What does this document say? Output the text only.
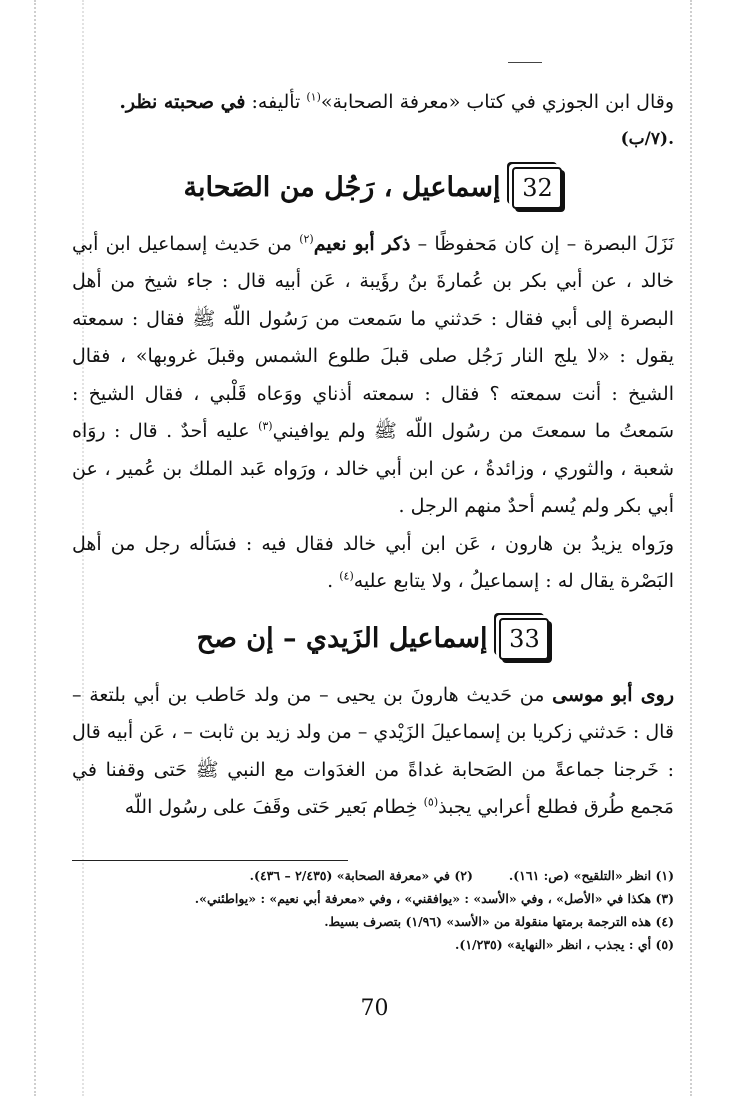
وقال ابن الجوزي في كتاب «معرفة الصحابة»$^{(١)}$ تأليفه: في صحبته نظر.

.(٧/ب)

32
إسماعيل ، رَجُل من الصَحابة

نَزَلَ البصرة – إن كان مَحفوظًا – ذكر أبو نعيم$^{(٢)}$ من حَديث إسماعيل ابن أبي خالد ، عن أبي بكر بن عُمارةَ بنُ رؤَيبة ، عَن أبيه قال : جاء شيخ من أهل البصرة إلى أبي فقال : حَدثني ما سَمعت من رَسُول اللّه ﷺ فقال : سمعته يقول : «لا يلج النار رَجُل صلى قبلَ طلوع الشمس وقبلَ غروبها» ، فقال الشيخ : أنت سمعته ؟ فقال : سمعته أذناي ووَعاه قَلْبي ، فقال الشيخ : سَمعتُ ما سمعتَ من رسُول اللّه ﷺ ولم يوافيني$^{(٣)}$ عليه أحدٌ . قال : روَاه شعبة ، والثوري ، وزائدةُ ، عن ابن أبي خالد ، ورَواه عَبد الملك بن عُمير ، عن أبي بكر ولم يُسم أحدٌ منهم الرجل .

ورَواه يزيدُ بن هارون ، عَن ابن أبي خالد فقال فيه : فسَأله رجل من أهل البَصْرة يقال له : إسماعيلُ ، ولا يتابع عليه$^{(٤)}$ .

33
إسماعيل الزَيدي – إن صح

روى أبو موسى من حَديث هارونَ بن يحيى – من ولد حَاطب بن أبي بلتعة – قال : حَدثني زكريا بن إسماعيلَ الزَيْدي – من ولد زيد بن ثابت – ، عَن أبيه قال : خَرجنا جماعةً من الصَحابة غداةً من الغدَوات مع النبي ﷺ حَتى وقفنا في مَجمع طُرق فطلع أعرابي يجبذ$^{(٥)}$ خِطام بَعير حَتى وقَفَ على رسُول اللّه

(١) انظر «التلقيح» (ص: ١٦١).
(٢) في «معرفة الصحابة» (٢/٤٣٥ – ٤٣٦).
(٣) هكذا في «الأصل» ، وفي «الأسد» : «يوافقني» ، وفي «معرفة أبي نعيم» : «يواطئني».
(٤) هذه الترجمة برمتها منقولة من «الأسد» (١/٩٦) بتصرف بسيط.
(٥) أي : يجذب ، انظر «النهاية» (١/٢٣٥).
70
